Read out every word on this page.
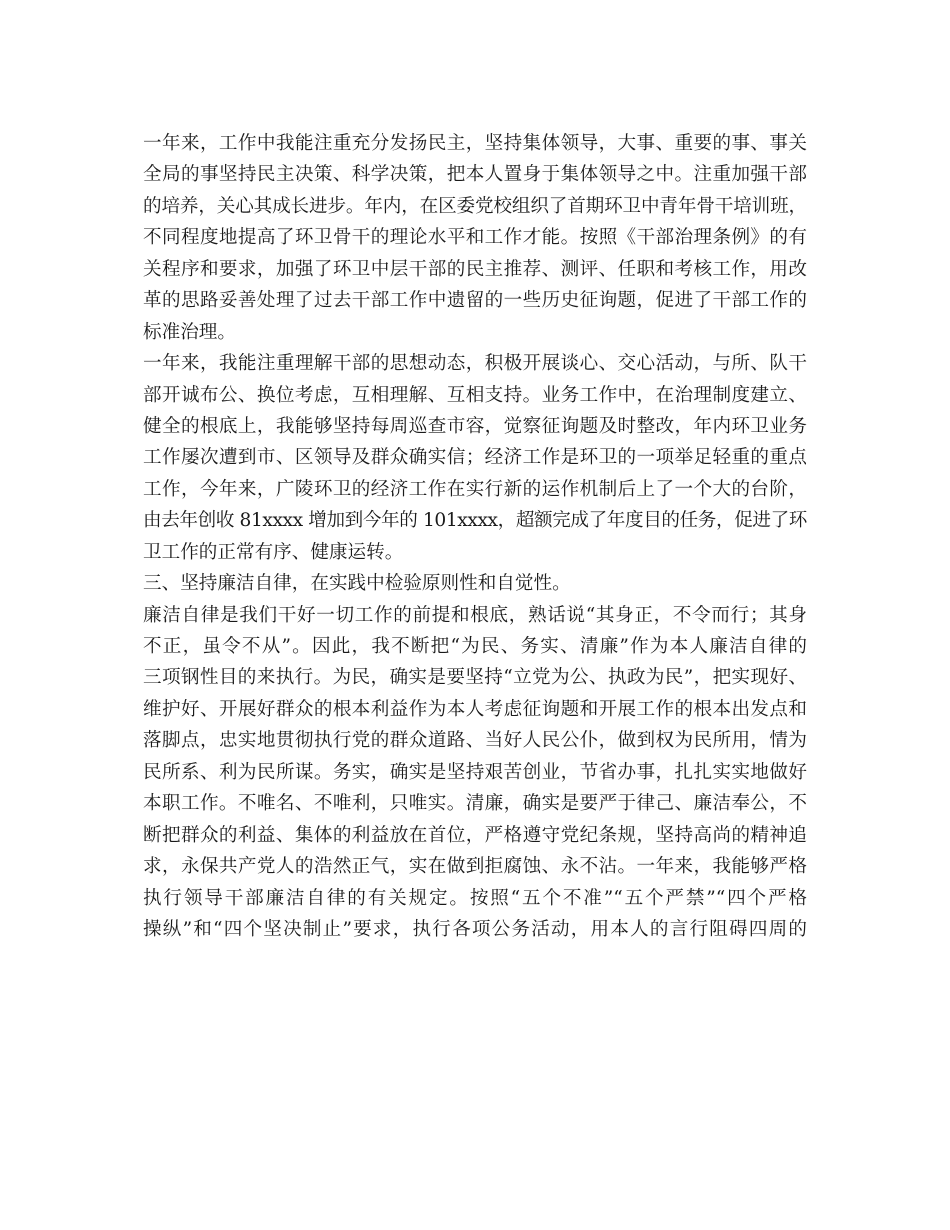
一年来，工作中我能注重充分发扬民主，坚持集体领导，大事、重要的事、事关
全局的事坚持民主决策、科学决策，把本人置身于集体领导之中。注重加强干部
的培养，关心其成长进步。年内，在区委党校组织了首期环卫中青年骨干培训班，
不同程度地提高了环卫骨干的理论水平和工作才能。按照《干部治理条例》的有
关程序和要求，加强了环卫中层干部的民主推荐、测评、任职和考核工作，用改
革的思路妥善处理了过去干部工作中遗留的一些历史征询题，促进了干部工作的
标准治理。
一年来，我能注重理解干部的思想动态，积极开展谈心、交心活动，与所、队干
部开诚布公、换位考虑，互相理解、互相支持。业务工作中，在治理制度建立、
健全的根底上，我能够坚持每周巡查市容，觉察征询题及时整改，年内环卫业务
工作屡次遭到市、区领导及群众确实信；经济工作是环卫的一项举足轻重的重点
工作，今年来，广陵环卫的经济工作在实行新的运作机制后上了一个大的台阶，
由去年创收 81xxxx 增加到今年的 101xxxx，超额完成了年度目的任务，促进了环
卫工作的正常有序、健康运转。
三、坚持廉洁自律，在实践中检验原则性和自觉性。
廉洁自律是我们干好一切工作的前提和根底，熟话说“其身正，不令而行；其身
不正，虽令不从”。因此，我不断把“为民、务实、清廉”作为本人廉洁自律的
三项钢性目的来执行。为民，确实是要坚持“立党为公、执政为民”，把实现好、
维护好、开展好群众的根本利益作为本人考虑征询题和开展工作的根本出发点和
落脚点，忠实地贯彻执行党的群众道路、当好人民公仆，做到权为民所用，情为
民所系、利为民所谋。务实，确实是坚持艰苦创业，节省办事，扎扎实实地做好
本职工作。不唯名、不唯利，只唯实。清廉，确实是要严于律己、廉洁奉公，不
断把群众的利益、集体的利益放在首位，严格遵守党纪条规，坚持高尚的精神追
求，永保共产党人的浩然正气，实在做到拒腐蚀、永不沾。一年来，我能够严格
执行领导干部廉洁自律的有关规定。按照“五个不准”“五个严禁”“四个严格
操纵”和“四个坚决制止”要求，执行各项公务活动，用本人的言行阻碍四周的
